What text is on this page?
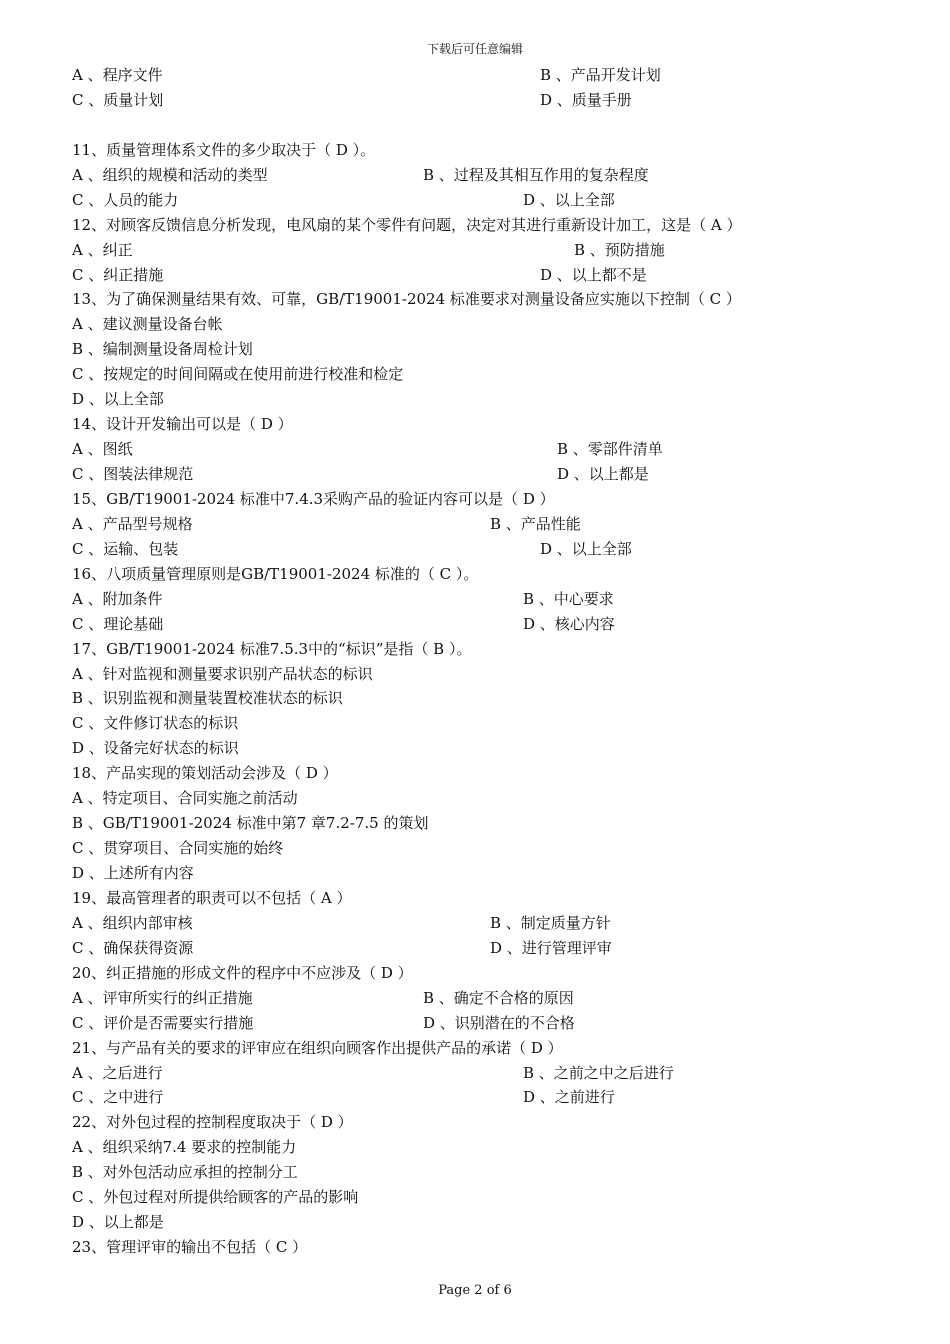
下载后可任意编辑
A 、程序文件	B 、产品开发计划
C 、质量计划	D 、质量手册
11、质量管理体系文件的多少取决于（ D ）。
A 、组织的规模和活动的类型	B 、过程及其相互作用的复杂程度
C 、人员的能力	D 、以上全部
12、对顾客反馈信息分析发现，电风扇的某个零件有问题，决定对其进行重新设计加工，这是（ A ）
A 、纠正	B 、预防措施
C 、纠正措施	D 、以上都不是
13、为了确保测量结果有效、可靠，GB/T19001-2024 标准要求对测量设备应实施以下控制（ C ）
A 、建议测量设备台帐
B 、编制测量设备周检计划
C 、按规定的时间间隔或在使用前进行校准和检定
D 、以上全部
14、设计开发输出可以是（ D ）
A 、图纸	B 、零部件清单
C 、图装法律规范	D 、以上都是
15、GB/T19001-2024 标准中7.4.3采购产品的验证内容可以是（ D ）
A 、产品型号规格	B 、产品性能
C 、运输、包装	D 、以上全部
16、八项质量管理原则是GB/T19001-2024 标准的（ C ）。
A 、附加条件	B 、中心要求
C 、理论基础	D 、核心内容
17、GB/T19001-2024 标准7.5.3中的“标识”是指（ B ）。
A 、针对监视和测量要求识别产品状态的标识
B 、识别监视和测量装置校准状态的标识
C 、文件修订状态的标识
D 、设备完好状态的标识
18、产品实现的策划活动会涉及（ D ）
A 、特定项目、合同实施之前活动
B 、GB/T19001-2024 标准中第7 章7.2-7.5 的策划
C 、贯穿项目、合同实施的始终
D 、上述所有内容
19、最高管理者的职责可以不包括（ A ）
A 、组织内部审核	B 、制定质量方针
C 、确保获得资源	D 、进行管理评审
20、纠正措施的形成文件的程序中不应涉及（ D ）
A 、评审所实行的纠正措施	B 、确定不合格的原因
C 、评价是否需要实行措施	D 、识别潜在的不合格
21、与产品有关的要求的评审应在组织向顾客作出提供产品的承诺（ D ）
A 、之后进行	B 、之前之中之后进行
C 、之中进行	D 、之前进行
22、对外包过程的控制程度取决于（ D ）
A 、组织采纳7.4 要求的控制能力
B 、对外包活动应承担的控制分工
C 、外包过程对所提供给顾客的产品的影响
D 、以上都是
23、管理评审的输出不包括（ C ）
Page 2 of 6
